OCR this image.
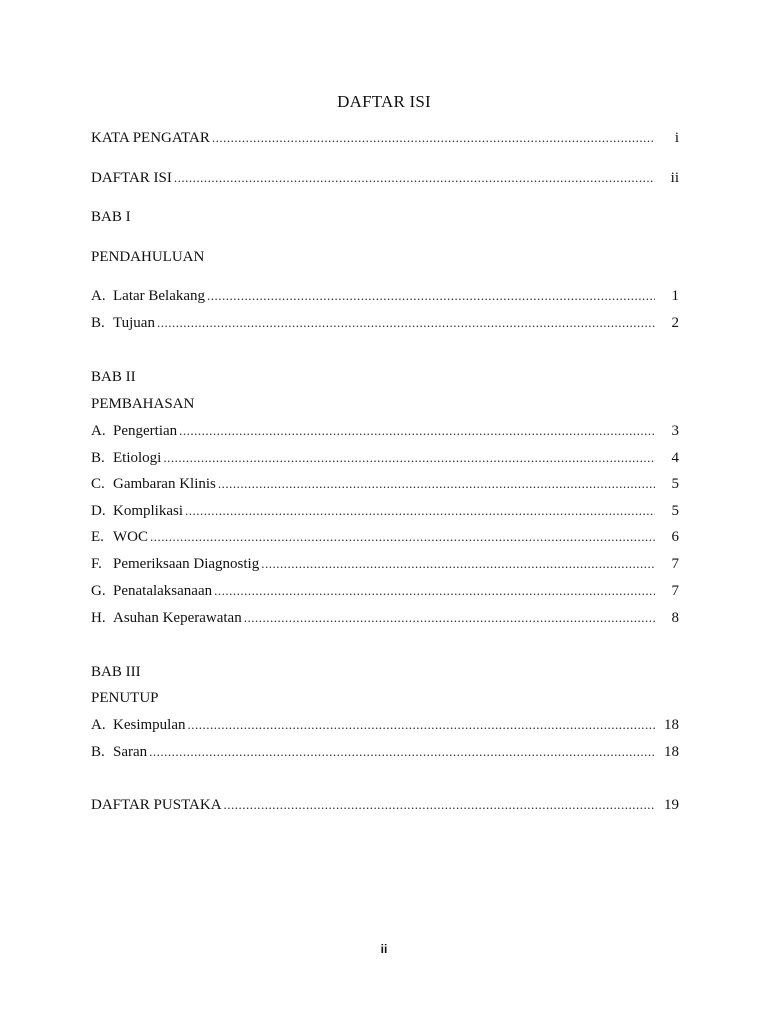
DAFTAR ISI
KATA PENGATAR .....	i
DAFTAR ISI .....	ii
BAB I
PENDAHULUAN
A. Latar Belakang .....	1
B. Tujuan .....	2
BAB II
PEMBAHASAN
A. Pengertian .....	3
B. Etiologi .....	4
C. Gambaran Klinis .....	5
D. Komplikasi .....	5
E. WOC .....	6
F. Pemeriksaan Diagnostig .....	7
G. Penatalaksanaan .....	7
H. Asuhan Keperawatan .....	8
BAB III
PENUTUP
A. Kesimpulan .....	18
B. Saran .....	18
DAFTAR PUSTAKA .....	19
ii
